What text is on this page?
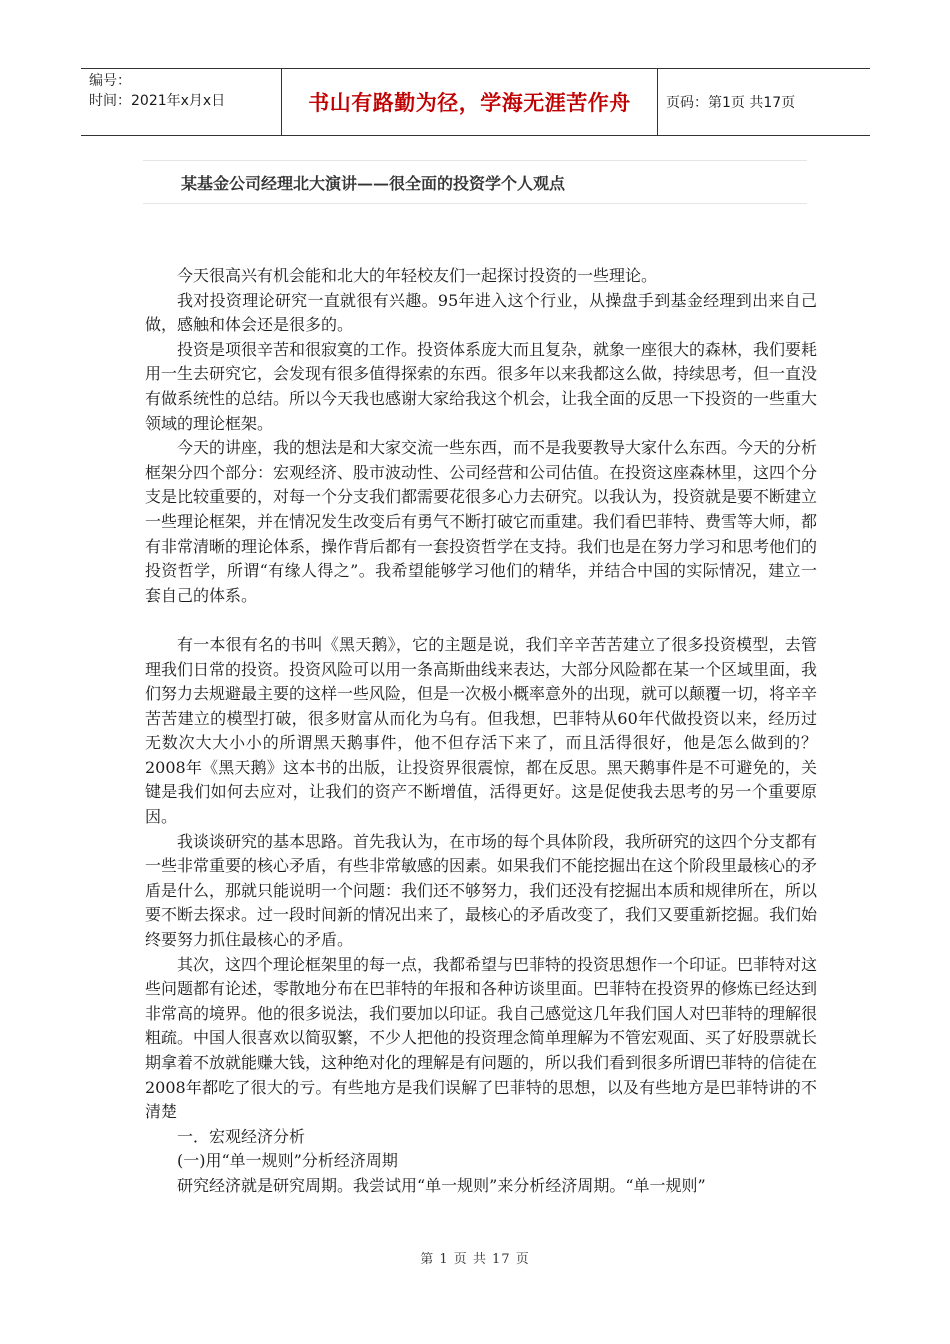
编号：
时间：2021年x月x日	书山有路勤为径，学海无涯苦作舟	页码：第1页 共17页
某基金公司经理北大演讲——很全面的投资学个人观点

今天很高兴有机会能和北大的年轻校友们一起探讨投资的一些理论。

我对投资理论研究一直就很有兴趣。95年进入这个行业，从操盘手到基金经理到出来自己做，感触和体会还是很多的。

投资是项很辛苦和很寂寞的工作。投资体系庞大而且复杂，就象一座很大的森林，我们要耗用一生去研究它，会发现有很多值得探索的东西。很多年以来我都这么做，持续思考，但一直没有做系统性的总结。所以今天我也感谢大家给我这个机会，让我全面的反思一下投资的一些重大领域的理论框架。

今天的讲座，我的想法是和大家交流一些东西，而不是我要教导大家什么东西。今天的分析框架分四个部分：宏观经济、股市波动性、公司经营和公司估值。在投资这座森林里，这四个分支是比较重要的，对每一个分支我们都需要花很多心力去研究。以我认为，投资就是要不断建立一些理论框架，并在情况发生改变后有勇气不断打破它而重建。我们看巴菲特、费雪等大师，都有非常清晰的理论体系，操作背后都有一套投资哲学在支持。我们也是在努力学习和思考他们的投资哲学，所谓“有缘人得之”。我希望能够学习他们的精华，并结合中国的实际情况，建立一套自己的体系。

有一本很有名的书叫《黑天鹅》，它的主题是说，我们辛辛苦苦建立了很多投资模型，去管理我们日常的投资。投资风险可以用一条高斯曲线来表达，大部分风险都在某一个区域里面，我们努力去规避最主要的这样一些风险，但是一次极小概率意外的出现，就可以颠覆一切，将辛辛苦苦建立的模型打破，很多财富从而化为乌有。但我想，巴菲特从60年代做投资以来，经历过无数次大大小小的所谓黑天鹅事件，他不但存活下来了，而且活得很好，他是怎么做到的？2008年《黑天鹅》这本书的出版，让投资界很震惊，都在反思。黑天鹅事件是不可避免的，关键是我们如何去应对，让我们的资产不断增值，活得更好。这是促使我去思考的另一个重要原因。

我谈谈研究的基本思路。首先我认为，在市场的每个具体阶段，我所研究的这四个分支都有一些非常重要的核心矛盾，有些非常敏感的因素。如果我们不能挖掘出在这个阶段里最核心的矛盾是什么，那就只能说明一个问题：我们还不够努力，我们还没有挖掘出本质和规律所在，所以要不断去探求。过一段时间新的情况出来了，最核心的矛盾改变了，我们又要重新挖掘。我们始终要努力抓住最核心的矛盾。

其次，这四个理论框架里的每一点，我都希望与巴菲特的投资思想作一个印证。巴菲特对这些问题都有论述，零散地分布在巴菲特的年报和各种访谈里面。巴菲特在投资界的修炼已经达到非常高的境界。他的很多说法，我们要加以印证。我自己感觉这几年我们国人对巴菲特的理解很粗疏。中国人很喜欢以简驭繁，不少人把他的投资理念简单理解为不管宏观面、买了好股票就长期拿着不放就能赚大钱，这种绝对化的理解是有问题的，所以我们看到很多所谓巴菲特的信徒在2008年都吃了很大的亏。有些地方是我们误解了巴菲特的思想，以及有些地方是巴菲特讲的不清楚

一．宏观经济分析

(一)用“单一规则”分析经济周期

研究经济就是研究周期。我尝试用“单一规则”来分析经济周期。“单一规则”

第 1 页 共 17 页
